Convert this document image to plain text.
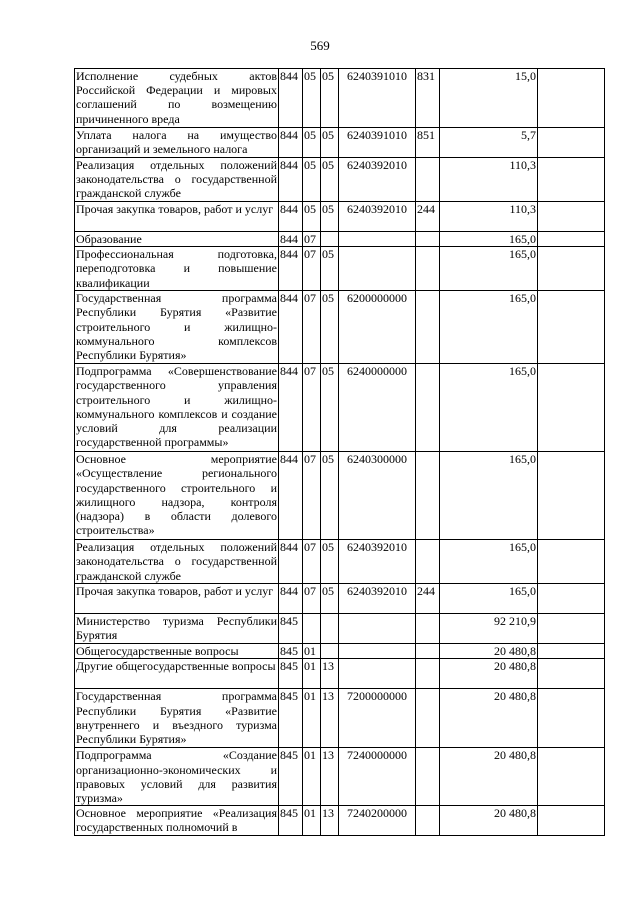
569
Исполнение судебных актов Российской Федерации и мировых соглашений по возмещению причиненного вреда	844	05	05	6240391010	831	15,0	
Уплата налога на имущество организаций и земельного налога	844	05	05	6240391010	851	5,7	
Реализация отдельных положений законодательства о государственной гражданской службе	844	05	05	6240392010		110,3	
Прочая закупка товаров, работ и услуг	844	05	05	6240392010	244	110,3	
Образование	844	07				165,0	
Профессиональная подготовка, переподготовка и повышение квалификации	844	07	05			165,0	
Государственная программа Республики Бурятия «Развитие строительного и жилищно-коммунального комплексов Республики Бурятия»	844	07	05	6200000000		165,0	
Подпрограмма «Совершенствование государственного управления строительного и жилищно-коммунального комплексов и создание условий для реализации государственной программы»	844	07	05	6240000000		165,0	
Основное мероприятие «Осуществление регионального государственного строительного и жилищного надзора, контроля (надзора) в области долевого строительства»	844	07	05	6240300000		165,0	
Реализация отдельных положений законодательства о государственной гражданской службе	844	07	05	6240392010		165,0	
Прочая закупка товаров, работ и услуг	844	07	05	6240392010	244	165,0	
Министерство туризма Республики Бурятия	845					92 210,9	
Общегосударственные вопросы	845	01				20 480,8	
Другие общегосударственные вопросы	845	01	13			20 480,8	
Государственная программа Республики Бурятия «Развитие внутреннего и въездного туризма Республики Бурятия»	845	01	13	7200000000		20 480,8	
Подпрограмма «Создание организационно-экономических и правовых условий для развития туризма»	845	01	13	7240000000		20 480,8	
Основное мероприятие «Реализация государственных полномочий в	845	01	13	7240200000		20 480,8	
